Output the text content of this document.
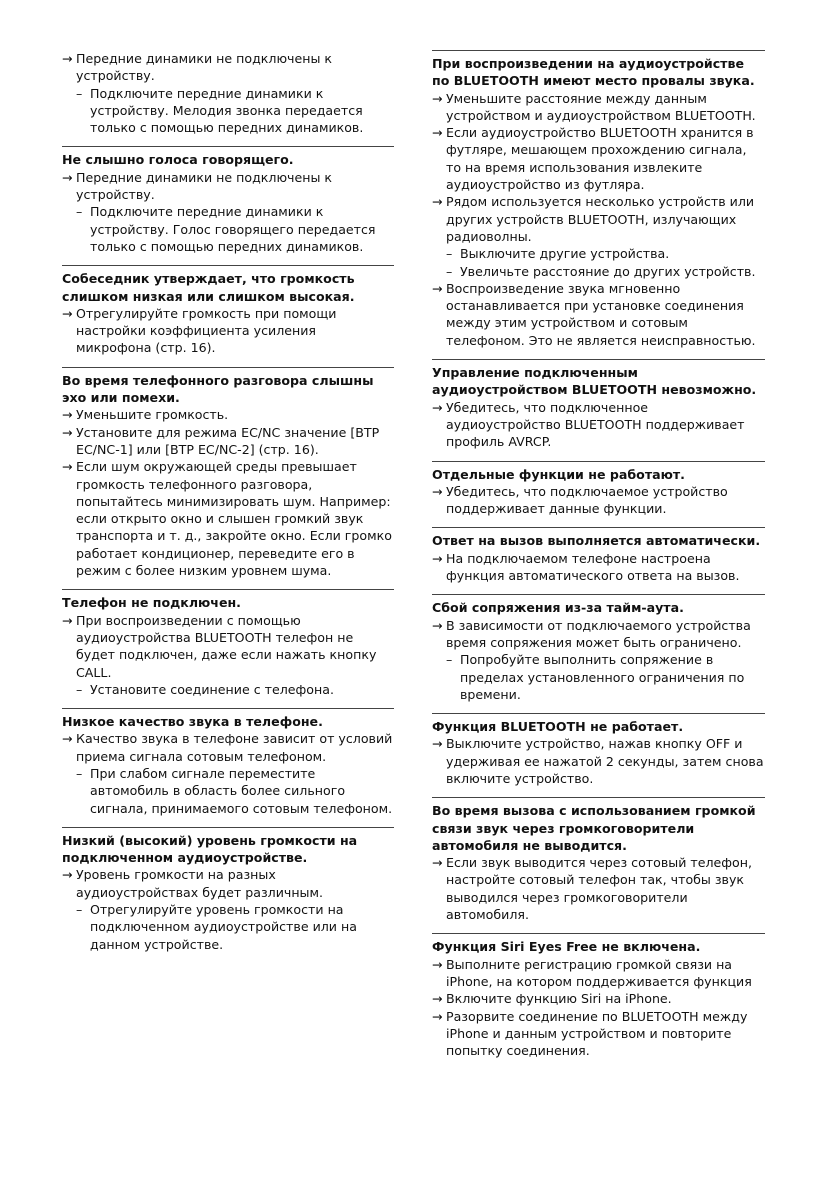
→ Передние динамики не подключены к устройству.
– Подключите передние динамики к устройству. Мелодия звонка передается только с помощью передних динамиков.
Не слышно голоса говорящего.
→ Передние динамики не подключены к устройству.
– Подключите передние динамики к устройству. Голос говорящего передается только с помощью передних динамиков.
Собеседник утверждает, что громкость слишком низкая или слишком высокая.
→ Отрегулируйте громкость при помощи настройки коэффициента усиления микрофона (стр. 16).
Во время телефонного разговора слышны эхо или помехи.
→ Уменьшите громкость.
→ Установите для режима EC/NC значение [BTP EC/NC-1] или [BTP EC/NC-2] (стр. 16).
→ Если шум окружающей среды превышает громкость телефонного разговора, попытайтесь минимизировать шум. Например: если открыто окно и слышен громкий звук транспорта и т. д., закройте окно. Если громко работает кондиционер, переведите его в режим с более низким уровнем шума.
Телефон не подключен.
→ При воспроизведении с помощью аудиоустройства BLUETOOTH телефон не будет подключен, даже если нажать кнопку CALL.
– Установите соединение с телефона.
Низкое качество звука в телефоне.
→ Качество звука в телефоне зависит от условий приема сигнала сотовым телефоном.
– При слабом сигнале переместите автомобиль в область более сильного сигнала, принимаемого сотовым телефоном.
Низкий (высокий) уровень громкости на подключенном аудиоустройстве.
→ Уровень громкости на разных аудиоустройствах будет различным.
– Отрегулируйте уровень громкости на подключенном аудиоустройстве или на данном устройстве.
При воспроизведении на аудиоустройстве по BLUETOOTH имеют место провалы звука.
→ Уменьшите расстояние между данным устройством и аудиоустройством BLUETOOTH.
→ Если аудиоустройство BLUETOOTH хранится в футляре, мешающем прохождению сигнала, то на время использования извлеките аудиоустройство из футляра.
→ Рядом используется несколько устройств или других устройств BLUETOOTH, излучающих радиоволны.
– Выключите другие устройства.
– Увеличьте расстояние до других устройств.
→ Воспроизведение звука мгновенно останавливается при установке соединения между этим устройством и сотовым телефоном. Это не является неисправностью.
Управление подключенным аудиоустройством BLUETOOTH невозможно.
→ Убедитесь, что подключенное аудиоустройство BLUETOOTH поддерживает профиль AVRCP.
Отдельные функции не работают.
→ Убедитесь, что подключаемое устройство поддерживает данные функции.
Ответ на вызов выполняется автоматически.
→ На подключаемом телефоне настроена функция автоматического ответа на вызов.
Сбой сопряжения из-за тайм-аута.
→ В зависимости от подключаемого устройства время сопряжения может быть ограничено.
– Попробуйте выполнить сопряжение в пределах установленного ограничения по времени.
Функция BLUETOOTH не работает.
→ Выключите устройство, нажав кнопку OFF и удерживая ее нажатой 2 секунды, затем снова включите устройство.
Во время вызова с использованием громкой связи звук через громкоговорители автомобиля не выводится.
→ Если звук выводится через сотовый телефон, настройте сотовый телефон так, чтобы звук выводился через громкоговорители автомобиля.
Функция Siri Eyes Free не включена.
→ Выполните регистрацию громкой связи на iPhone, на котором поддерживается функция
→ Включите функцию Siri на iPhone.
→ Разорвите соединение по BLUETOOTH между iPhone и данным устройством и повторите попытку соединения.
